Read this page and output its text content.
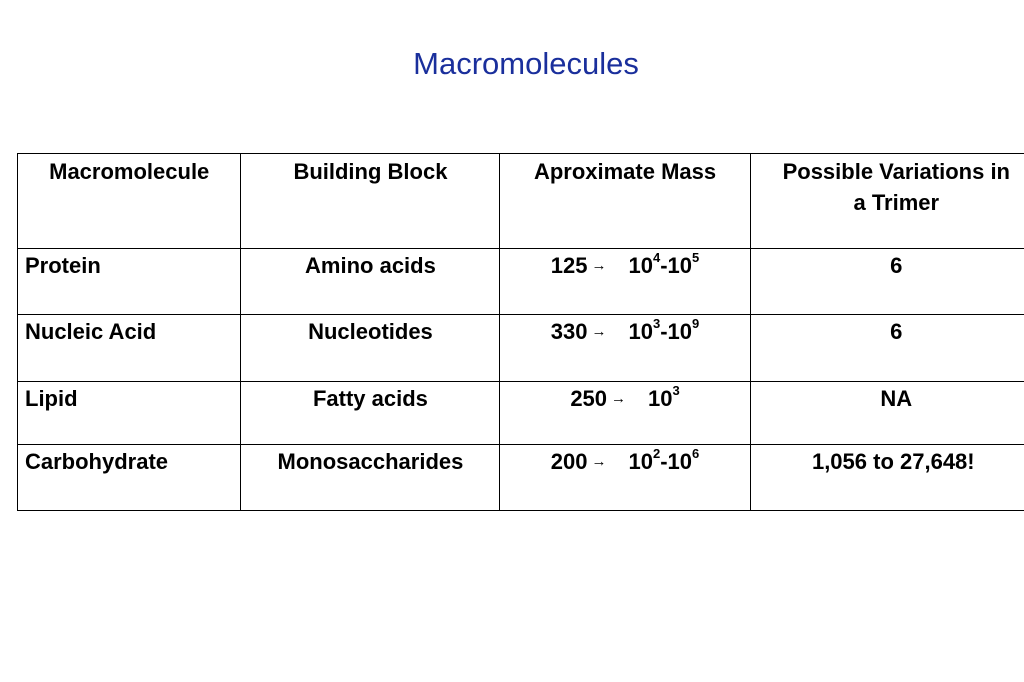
Macromolecules
Macromolecule	Building Block	Aproximate Mass	Possible Variations in a Trimer
Protein	Amino acids	$125 \to 10^4-10^5$	6
Nucleic Acid	Nucleotides	$330 \to 10^3-10^9$	6
Lipid	Fatty acids	$250 \to 10^3$	NA
Carbohydrate	Monosaccharides	$200 \to 10^2-10^6$	1,056 to 27,648!
